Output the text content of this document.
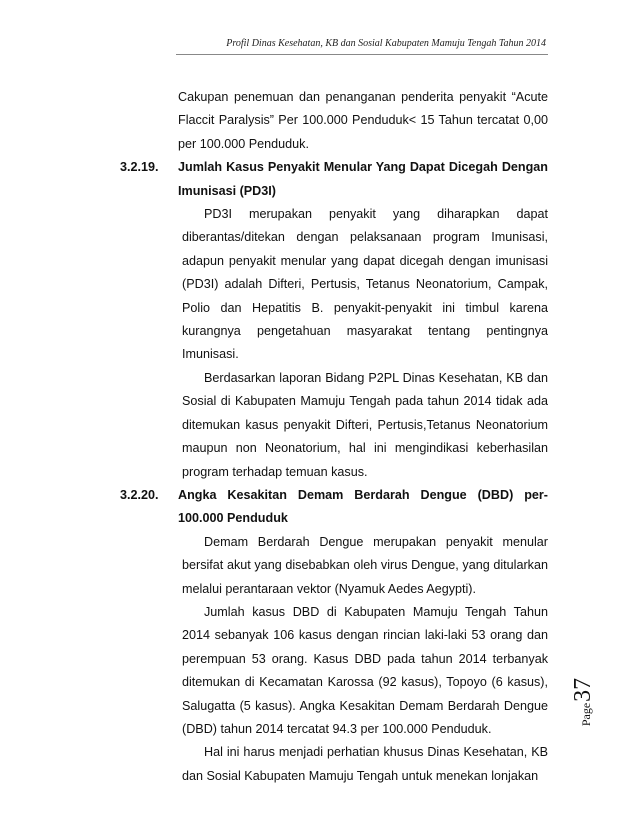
Profil Dinas Kesehatan, KB dan Sosial Kabupaten Mamuju Tengah Tahun 2014

Cakupan penemuan dan penanganan penderita penyakit “Acute Flaccit Paralysis” Per 100.000 Penduduk< 15 Tahun tercatat 0,00 per 100.000 Penduduk.

3.2.19.	Jumlah Kasus Penyakit Menular Yang Dapat Dicegah Dengan Imunisasi (PD3I)

PD3I merupakan penyakit yang diharapkan dapat diberantas/ditekan dengan pelaksanaan program Imunisasi, adapun penyakit menular yang dapat dicegah dengan imunisasi (PD3I) adalah Difteri, Pertusis, Tetanus Neonatorium, Campak, Polio dan Hepatitis B. penyakit-penyakit ini timbul karena kurangnya pengetahuan masyarakat tentang pentingnya Imunisasi.

Berdasarkan laporan Bidang P2PL Dinas Kesehatan, KB dan Sosial di Kabupaten Mamuju Tengah pada tahun 2014 tidak ada ditemukan kasus penyakit Difteri, Pertusis,Tetanus Neonatorium maupun non Neonatorium, hal ini mengindikasi keberhasilan program terhadap temuan kasus.

3.2.20.	Angka Kesakitan Demam Berdarah Dengue (DBD) per-100.000 Penduduk

Demam Berdarah Dengue merupakan penyakit menular bersifat akut yang disebabkan oleh virus Dengue, yang ditularkan melalui perantaraan vektor (Nyamuk Aedes Aegypti).

Jumlah kasus DBD di Kabupaten Mamuju Tengah Tahun 2014 sebanyak 106 kasus dengan rincian laki-laki 53 orang dan perempuan 53 orang. Kasus DBD pada tahun 2014 terbanyak ditemukan di Kecamatan Karossa (92 kasus), Topoyo (6 kasus), Salugatta (5 kasus). Angka Kesakitan Demam Berdarah Dengue (DBD) tahun 2014 tercatat 94.3 per 100.000 Penduduk.

Hal ini harus menjadi perhatian khusus Dinas Kesehatan, KB dan Sosial Kabupaten Mamuju Tengah untuk menekan lonjakan

Page
37
